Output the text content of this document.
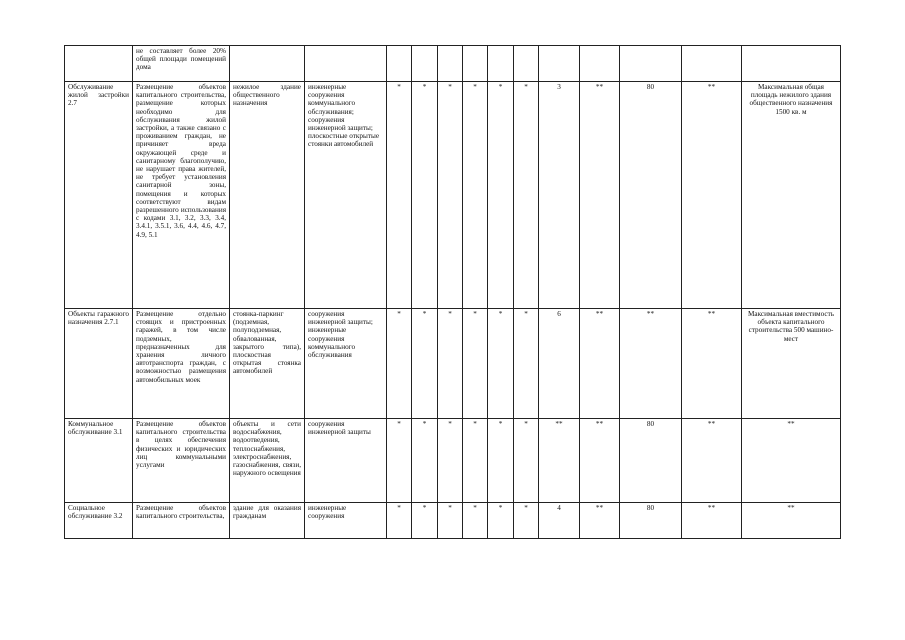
	не составляет более 20% общей площади помещений дома													
Обслуживание жилой застройки 2.7	Размещение объектов капитального строительства, размещение которых необходимо для обслуживания жилой застройки, а также связано с проживанием граждан, не причиняет вреда окружающей среде и санитарному благополучию, не нарушает права жителей, не требует установления санитарной зоны, помещения и которых соответствуют видам разрешенного использования с кодами 3.1, 3.2, 3.3, 3.4, 3.4.1, 3.5.1, 3.6, 4.4, 4.6, 4.7, 4.9, 5.1	нежилое здание общественного назначения	инженерные сооружения коммунального обслуживания; сооружения инженерной защиты; плоскостные открытые стоянки автомобилей	*	*	*	*	*	*	3	**	80	**	Максимальная общая площадь нежилого здания общественного назначения 1500 кв. м
Объекты гаражного назначения 2.7.1	Размещение отдельно стоящих и пристроенных гаражей, в том числе подземных, предназначенных для хранения личного автотранспорта граждан, с возможностью размещения автомобильных моек	стоянка-паркинг (подземная, полуподземная, обвалованная, закрытого типа), плоскостная открытая стоянка автомобилей	сооружения инженерной защиты; инженерные сооружения коммунального обслуживания	*	*	*	*	*	*	6	**	**	**	Максимальная вместимость объекта капитального строительства 500 машино-мест
Коммунальное обслуживание 3.1	Размещение объектов капитального строительства в целях обеспечения физических и юридических лиц коммунальными услугами	объекты и сети водоснабжения, водоотведения, теплоснабжения, электроснабжения, газоснабжения, связи, наружного освещения	сооружения инженерной защиты	*	*	*	*	*	*	**	**	80	**	**
Социальное обслуживание 3.2	Размещение объектов капитального строительства,	здание для оказания гражданам	инженерные сооружения	*	*	*	*	*	*	4	**	80	**	**
